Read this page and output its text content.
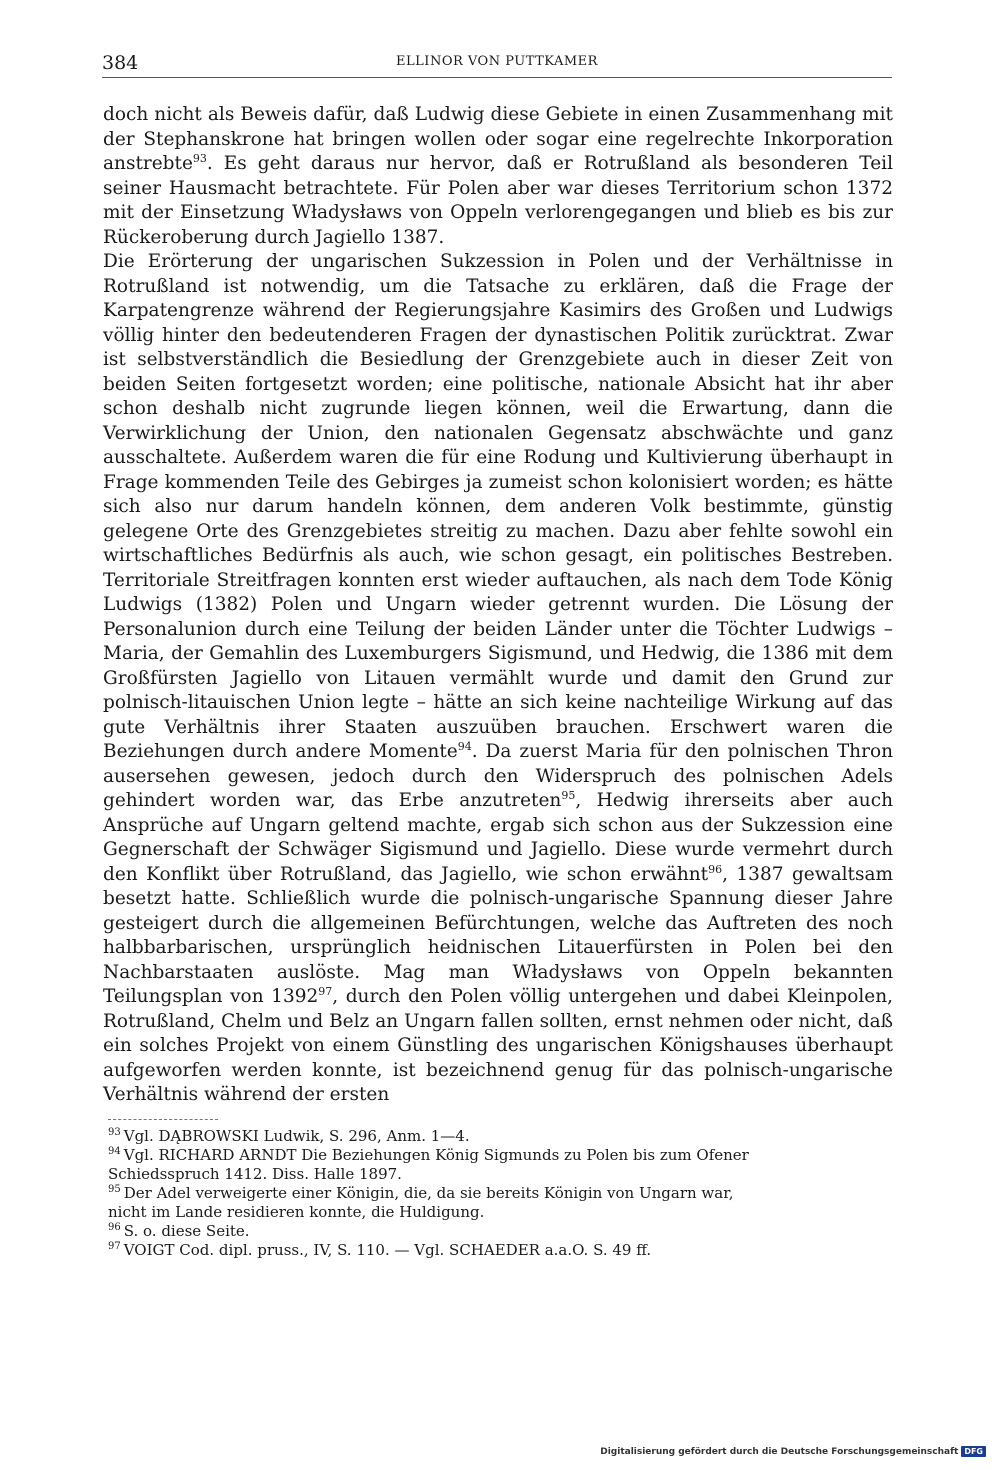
384	ELLINOR VON PUTTKAMER

doch nicht als Beweis dafür, daß Ludwig diese Gebiete in einen Zusammenhang mit der Stephanskrone hat bringen wollen oder sogar eine regelrechte Inkorporation anstrebte$^{93}$. Es geht daraus nur hervor, daß er Rotrußland als besonderen Teil seiner Hausmacht betrachtete. Für Polen aber war dieses Territorium schon 1372 mit der Einsetzung Władysławs von Oppeln verlorengegangen und blieb es bis zur Rückeroberung durch Jagiello 1387.

Die Erörterung der ungarischen Sukzession in Polen und der Verhältnisse in Rotrußland ist notwendig, um die Tatsache zu erklären, daß die Frage der Karpatengrenze während der Regierungsjahre Kasimirs des Großen und Ludwigs völlig hinter den bedeutenderen Fragen der dynastischen Politik zurücktrat. Zwar ist selbstverständlich die Besiedlung der Grenzgebiete auch in dieser Zeit von beiden Seiten fortgesetzt worden; eine politische, nationale Absicht hat ihr aber schon deshalb nicht zugrunde liegen können, weil die Erwartung, dann die Verwirklichung der Union, den nationalen Gegensatz abschwächte und ganz ausschaltete. Außerdem waren die für eine Rodung und Kultivierung überhaupt in Frage kommenden Teile des Gebirges ja zumeist schon kolonisiert worden; es hätte sich also nur darum handeln können, dem anderen Volk bestimmte, günstig gelegene Orte des Grenzgebietes streitig zu machen. Dazu aber fehlte sowohl ein wirtschaftliches Bedürfnis als auch, wie schon gesagt, ein politisches Bestreben. Territoriale Streitfragen konnten erst wieder auftauchen, als nach dem Tode König Ludwigs (1382) Polen und Ungarn wieder getrennt wurden. Die Lösung der Personalunion durch eine Teilung der beiden Länder unter die Töchter Ludwigs – Maria, der Gemahlin des Luxemburgers Sigismund, und Hedwig, die 1386 mit dem Großfürsten Jagiello von Litauen vermählt wurde und damit den Grund zur polnisch-litauischen Union legte – hätte an sich keine nachteilige Wirkung auf das gute Verhältnis ihrer Staaten auszuüben brauchen. Erschwert waren die Beziehungen durch andere Momente$^{94}$. Da zuerst Maria für den polnischen Thron ausersehen gewesen, jedoch durch den Widerspruch des polnischen Adels gehindert worden war, das Erbe anzutreten$^{95}$, Hedwig ihrerseits aber auch Ansprüche auf Ungarn geltend machte, ergab sich schon aus der Sukzession eine Gegnerschaft der Schwäger Sigismund und Jagiello. Diese wurde vermehrt durch den Konflikt über Rotrußland, das Jagiello, wie schon erwähnt$^{96}$, 1387 gewaltsam besetzt hatte. Schließlich wurde die polnisch-ungarische Spannung dieser Jahre gesteigert durch die allgemeinen Befürchtungen, welche das Auftreten des noch halbbarbarischen, ursprünglich heidnischen Litauerfürsten in Polen bei den Nachbarstaaten auslöste. Mag man Władysławs von Oppeln bekannten Teilungsplan von 1392$^{97}$, durch den Polen völlig untergehen und dabei Kleinpolen, Rotrußland, Chelm und Belz an Ungarn fallen sollten, ernst nehmen oder nicht, daß ein solches Projekt von einem Günstling des ungarischen Königshauses überhaupt aufgeworfen werden konnte, ist bezeichnend genug für das polnisch-ungarische Verhältnis während der ersten

$^{93}$ Vgl. DĄBROWSKI Ludwik, S. 296, Anm. 1—4.

$^{94}$ Vgl. RICHARD ARNDT Die Beziehungen König Sigmunds zu Polen bis zum Ofener
Schiedsspruch 1412. Diss. Halle 1897.

$^{95}$ Der Adel verweigerte einer Königin, die, da sie bereits Königin von Ungarn war,
nicht im Lande residieren konnte, die Huldigung.

$^{96}$ S. o. diese Seite.

$^{97}$ VOIGT Cod. dipl. pruss., IV, S. 110. — Vgl. SCHAEDER a.a.O. S. 49 ff.

Digitalisierung gefördert durch die Deutsche Forschungsgemeinschaft DFG
